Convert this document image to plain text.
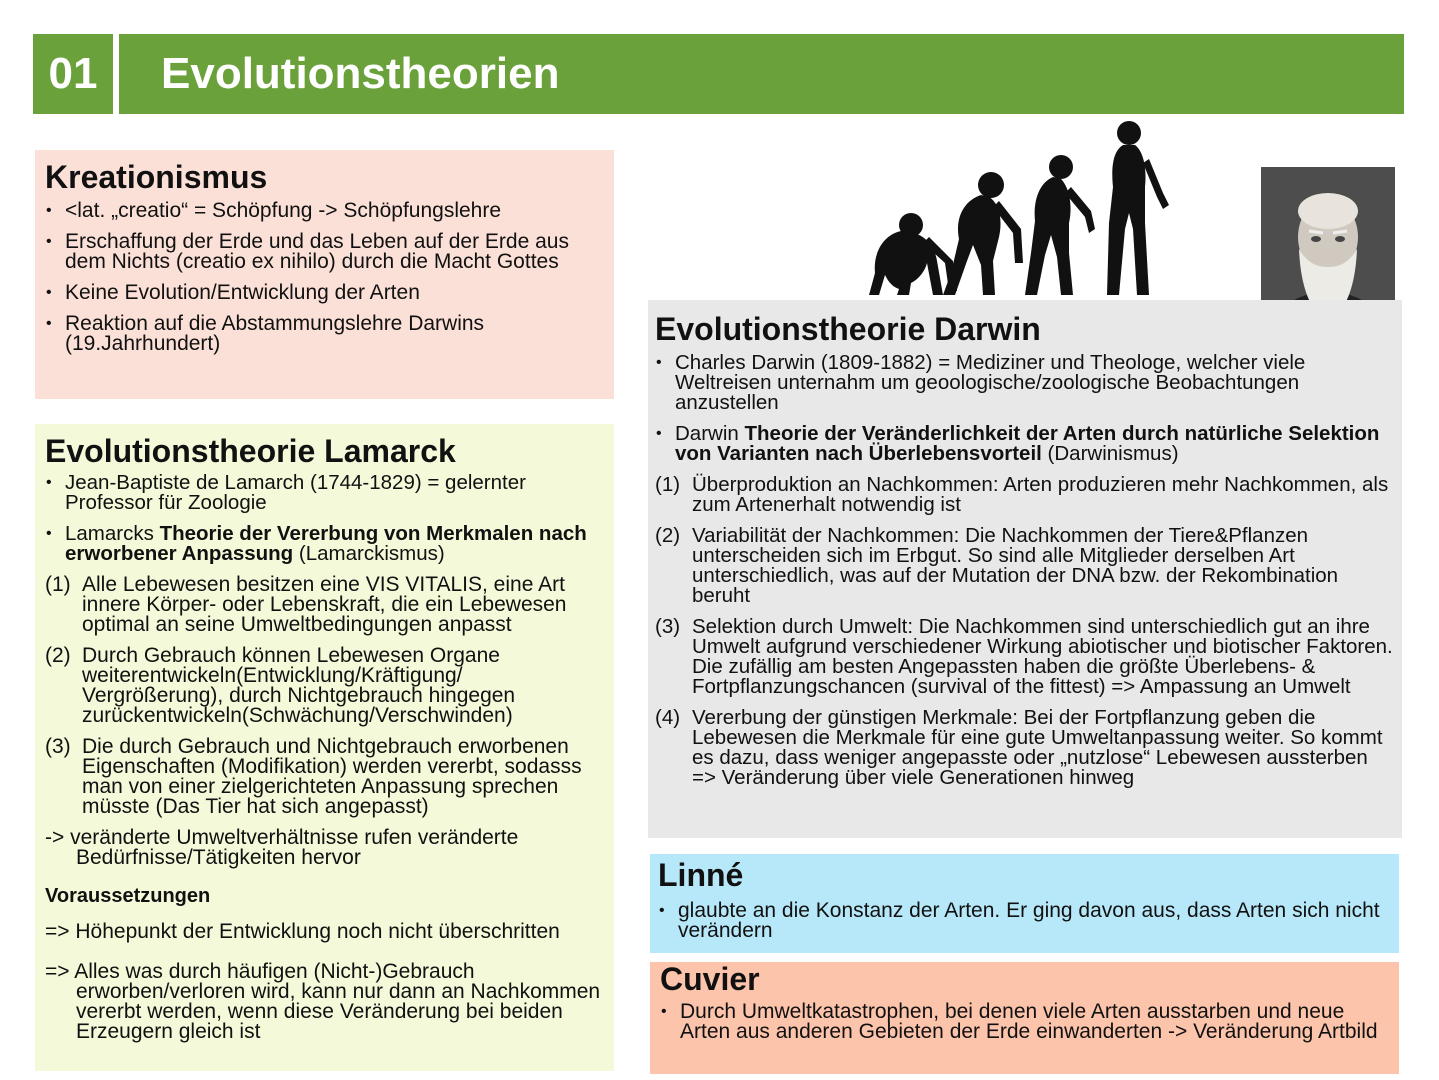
01	Evolutionstheorien
Kreationismus
• <lat. „creatio“ = Schöpfung -> Schöpfungslehre
• Erschaffung der Erde und das Leben auf der Erde aus dem Nichts (creatio ex nihilo) durch die Macht Gottes
• Keine Evolution/Entwicklung der Arten
• Reaktion auf die Abstammungslehre Darwins (19.Jahrhundert)
Evolutionstheorie Lamarck
• Jean-Baptiste de Lamarch (1744-1829) = gelernter Professor für Zoologie
• Lamarcks Theorie der Vererbung von Merkmalen nach erworbener Anpassung (Lamarckismus)
(1) Alle Lebewesen besitzen eine VIS VITALIS, eine Art innere Körper- oder Lebenskraft, die ein Lebewesen optimal an seine Umweltbedingungen anpasst
(2) Durch Gebrauch können Lebewesen Organe weiterentwickeln(Entwicklung/Kräftigung/ Vergrößerung), durch Nichtgebrauch hingegen zurückentwickeln(Schwächung/Verschwinden)
(3) Die durch Gebrauch und Nichtgebrauch erworbenen Eigenschaften (Modifikation) werden vererbt, sodasss man von einer zielgerichteten Anpassung sprechen müsste (Das Tier hat sich angepasst)
-> veränderte Umweltverhältnisse rufen veränderte Bedürfnisse/Tätigkeiten hervor
Voraussetzungen
=> Höhepunkt der Entwicklung noch nicht überschritten
=> Alles was durch häufigen (Nicht-)Gebrauch erworben/verloren wird, kann nur dann an Nachkommen vererbt werden, wenn diese Veränderung bei beiden Erzeugern gleich ist
Evolutionstheorie Darwin
• Charles Darwin (1809-1882) = Mediziner und Theologe, welcher viele Weltreisen unternahm um geoologische/zoologische Beobachtungen anzustellen
• Darwin Theorie der Veränderlichkeit der Arten durch natürliche Selektion von Varianten nach Überlebensvorteil (Darwinismus)
(1) Überproduktion an Nachkommen: Arten produzieren mehr Nachkommen, als zum Artenerhalt notwendig ist
(2) Variabilität der Nachkommen: Die Nachkommen der Tiere&Pflanzen unterscheiden sich im Erbgut. So sind alle Mitglieder derselben Art unterschiedlich, was auf der Mutation der DNA bzw. der Rekombination beruht
(3) Selektion durch Umwelt: Die Nachkommen sind unterschiedlich gut an ihre Umwelt aufgrund verschiedener Wirkung abiotischer und biotischer Faktoren. Die zufällig am besten Angepassten haben die größte Überlebens- & Fortpflanzungschancen (survival of the fittest) => Ampassung an Umwelt
(4) Vererbung der günstigen Merkmale: Bei der Fortpflanzung geben die Lebewesen die Merkmale für eine gute Umweltanpassung weiter. So kommt es dazu, dass weniger angepasste oder „nutzlose“ Lebewesen aussterben => Veränderung über viele Generationen hinweg
Linné
• glaubte an die Konstanz der Arten. Er ging davon aus, dass Arten sich nicht verändern
Cuvier
• Durch Umweltkatastrophen, bei denen viele Arten ausstarben und neue Arten aus anderen Gebieten der Erde einwanderten -> Veränderung Artbild
